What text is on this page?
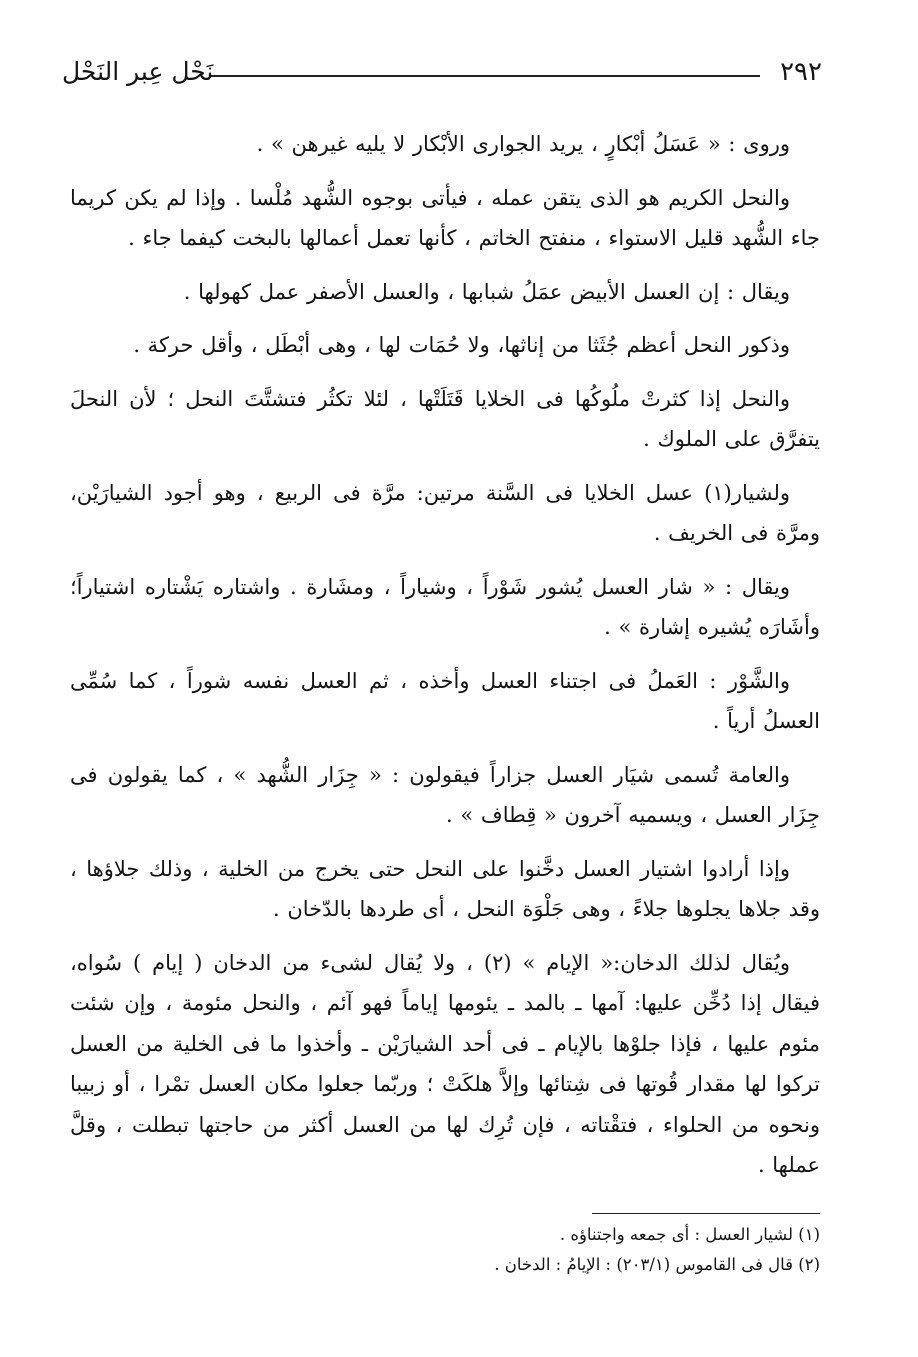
٢٩٢
نَحْل عِبر النَحْل

وروى : « عَسَلُ أبْكارٍ ، يريد الجوارى الأبْكار لا يليه غيرهن » .

والنحل الكريم هو الذى يتقن عمله ، فيأتى بوجوه الشُّهد مُلْسا . وإذا لم يكن كريما جاء الشُّهد قليل الاستواء ، منفتح الخاتم ، كأنها تعمل أعمالها بالبخت كيفما جاء .

ويقال : إن العسل الأبيض عمَلُ شبابها ، والعسل الأصفر عمل كهولها .

وذكور النحل أعظم جُثَثا من إناثها، ولا حُمَات لها ، وهى أبْطَل ، وأقل حركة .

والنحل إذا كثرتْ ملُوكُها فى الخلايا قَتَلَتْها ، لئلا تكثُر فتشتَّتَ النحل ؛ لأن النحلَ يتفرَّق على الملوك .

ولشيار(١) عسل الخلايا فى السَّنة مرتين: مرَّة فى الربيع ، وهو أجود الشيارَيْن، ومرَّة فى الخريف .

ويقال : « شار العسل يُشور شَوْراً ، وشياراً ، ومشَارة . واشتاره يَشْتاره اشتياراً؛ وأشَارَه يُشيره إشارة » .

والشَّوْر : العَملُ فى اجتناء العسل وأخذه ، ثم العسل نفسه شوراً ، كما سُمِّى العسلُ أرياً .

والعامة تُسمى شيَار العسل جزاراً فيقولون : « جِزَار الشُّهد » ، كما يقولون فى جِزَار العسل ، ويسميه آخرون « قِطاف » .

وإذا أرادوا اشتيار العسل دخَّنوا على النحل حتى يخرج من الخلية ، وذلك جلاؤها ، وقد جلاها يجلوها جلاءً ، وهى جَلْوَة النحل ، أى طردها بالدّخان .

ويُقال لذلك الدخان:« الإيام » (٢) ، ولا يُقال لشىء من الدخان ( إيام ) سُواه، فيقال إذا دُخِّن عليها: آمها ـ بالمد ـ يئومها إياماً فهو آئم ، والنحل مئومة ، وإن شئت مئوم عليها ، فإذا جلوْها بالإيام ـ فى أحد الشيارَيْن ـ وأخذوا ما فى الخلية من العسل تركوا لها مقدار قُوتها فى شِتائها وإلاَّ هلكَتْ ؛ وربّما جعلوا مكان العسل تمْرا ، أو زبيبا ونحوه من الحلواء ، فتقْتاته ، فإن تُرِك لها من العسل أكثر من حاجتها تبطلت ، وقلَّ عملها .

(١) لشيار العسل : أى جمعه واجتناؤه .
(٢) قال فى القاموس (٢٠٣/١) : الإيامُ : الدخان .
